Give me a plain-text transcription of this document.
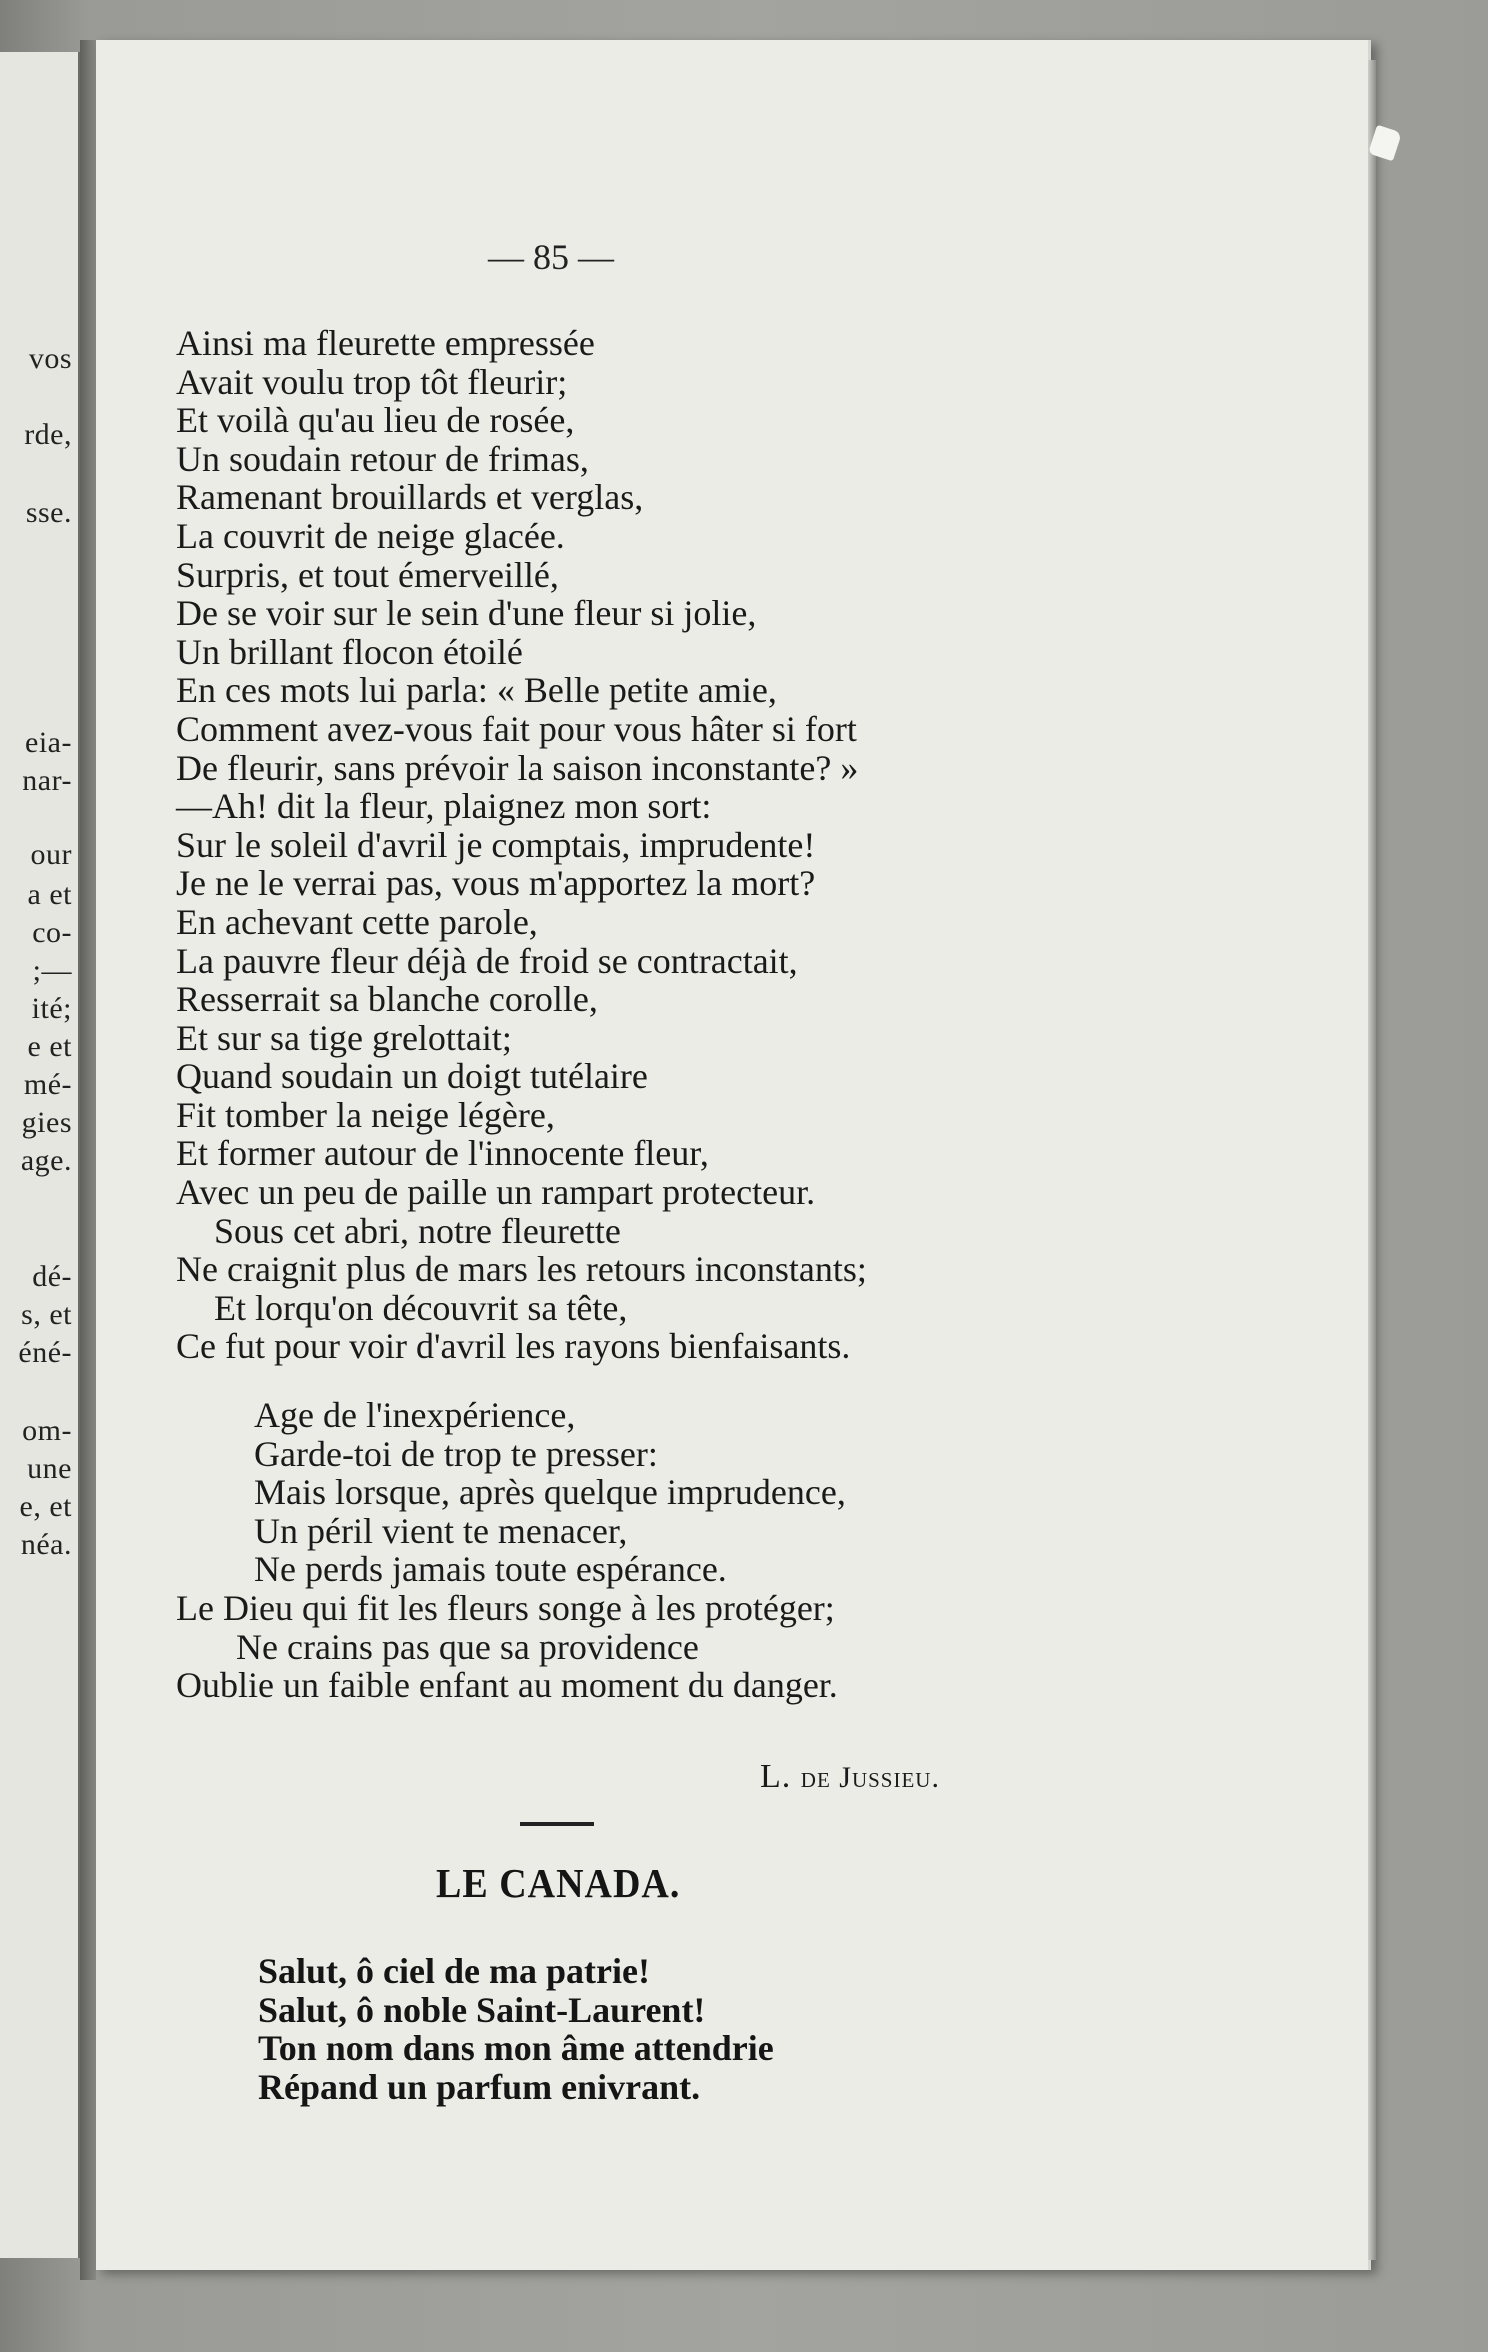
vos
rde,
sse.
eia-
nar-
our
a et
co-
;—
ité;
e et
mé-
gies
age.
dé-
s, et
éné-
om-
une
e, et
néa.
— 85 —
Ainsi ma fleurette empressée
Avait voulu trop tôt fleurir;
Et voilà qu'au lieu de rosée,
Un soudain retour de frimas,
Ramenant brouillards et verglas,
La couvrit de neige glacée.
Surpris, et tout émerveillé,
De se voir sur le sein d'une fleur si jolie,
Un brillant flocon étoilé
En ces mots lui parla: « Belle petite amie,
Comment avez-vous fait pour vous hâter si fort
De fleurir, sans prévoir la saison inconstante? »
—Ah! dit la fleur, plaignez mon sort:
Sur le soleil d'avril je comptais, imprudente!
Je ne le verrai pas, vous m'apportez la mort?
En achevant cette parole,
La pauvre fleur déjà de froid se contractait,
Resserrait sa blanche corolle,
Et sur sa tige grelottait;
Quand soudain un doigt tutélaire
Fit tomber la neige légère,
Et former autour de l'innocente fleur,
Avec un peu de paille un rampart protecteur.
Sous cet abri, notre fleurette
Ne craignit plus de mars les retours inconstants;
Et lorqu'on découvrit sa tête,
Ce fut pour voir d'avril les rayons bienfaisants.
Age de l'inexpérience,
Garde-toi de trop te presser:
Mais lorsque, après quelque imprudence,
Un péril vient te menacer,
Ne perds jamais toute espérance.
Le Dieu qui fit les fleurs songe à les protéger;
Ne crains pas que sa providence
Oublie un faible enfant au moment du danger.
L. de Jussieu.
LE CANADA.
Salut, ô ciel de ma patrie!
Salut, ô noble Saint-Laurent!
Ton nom dans mon âme attendrie
Répand un parfum enivrant.
